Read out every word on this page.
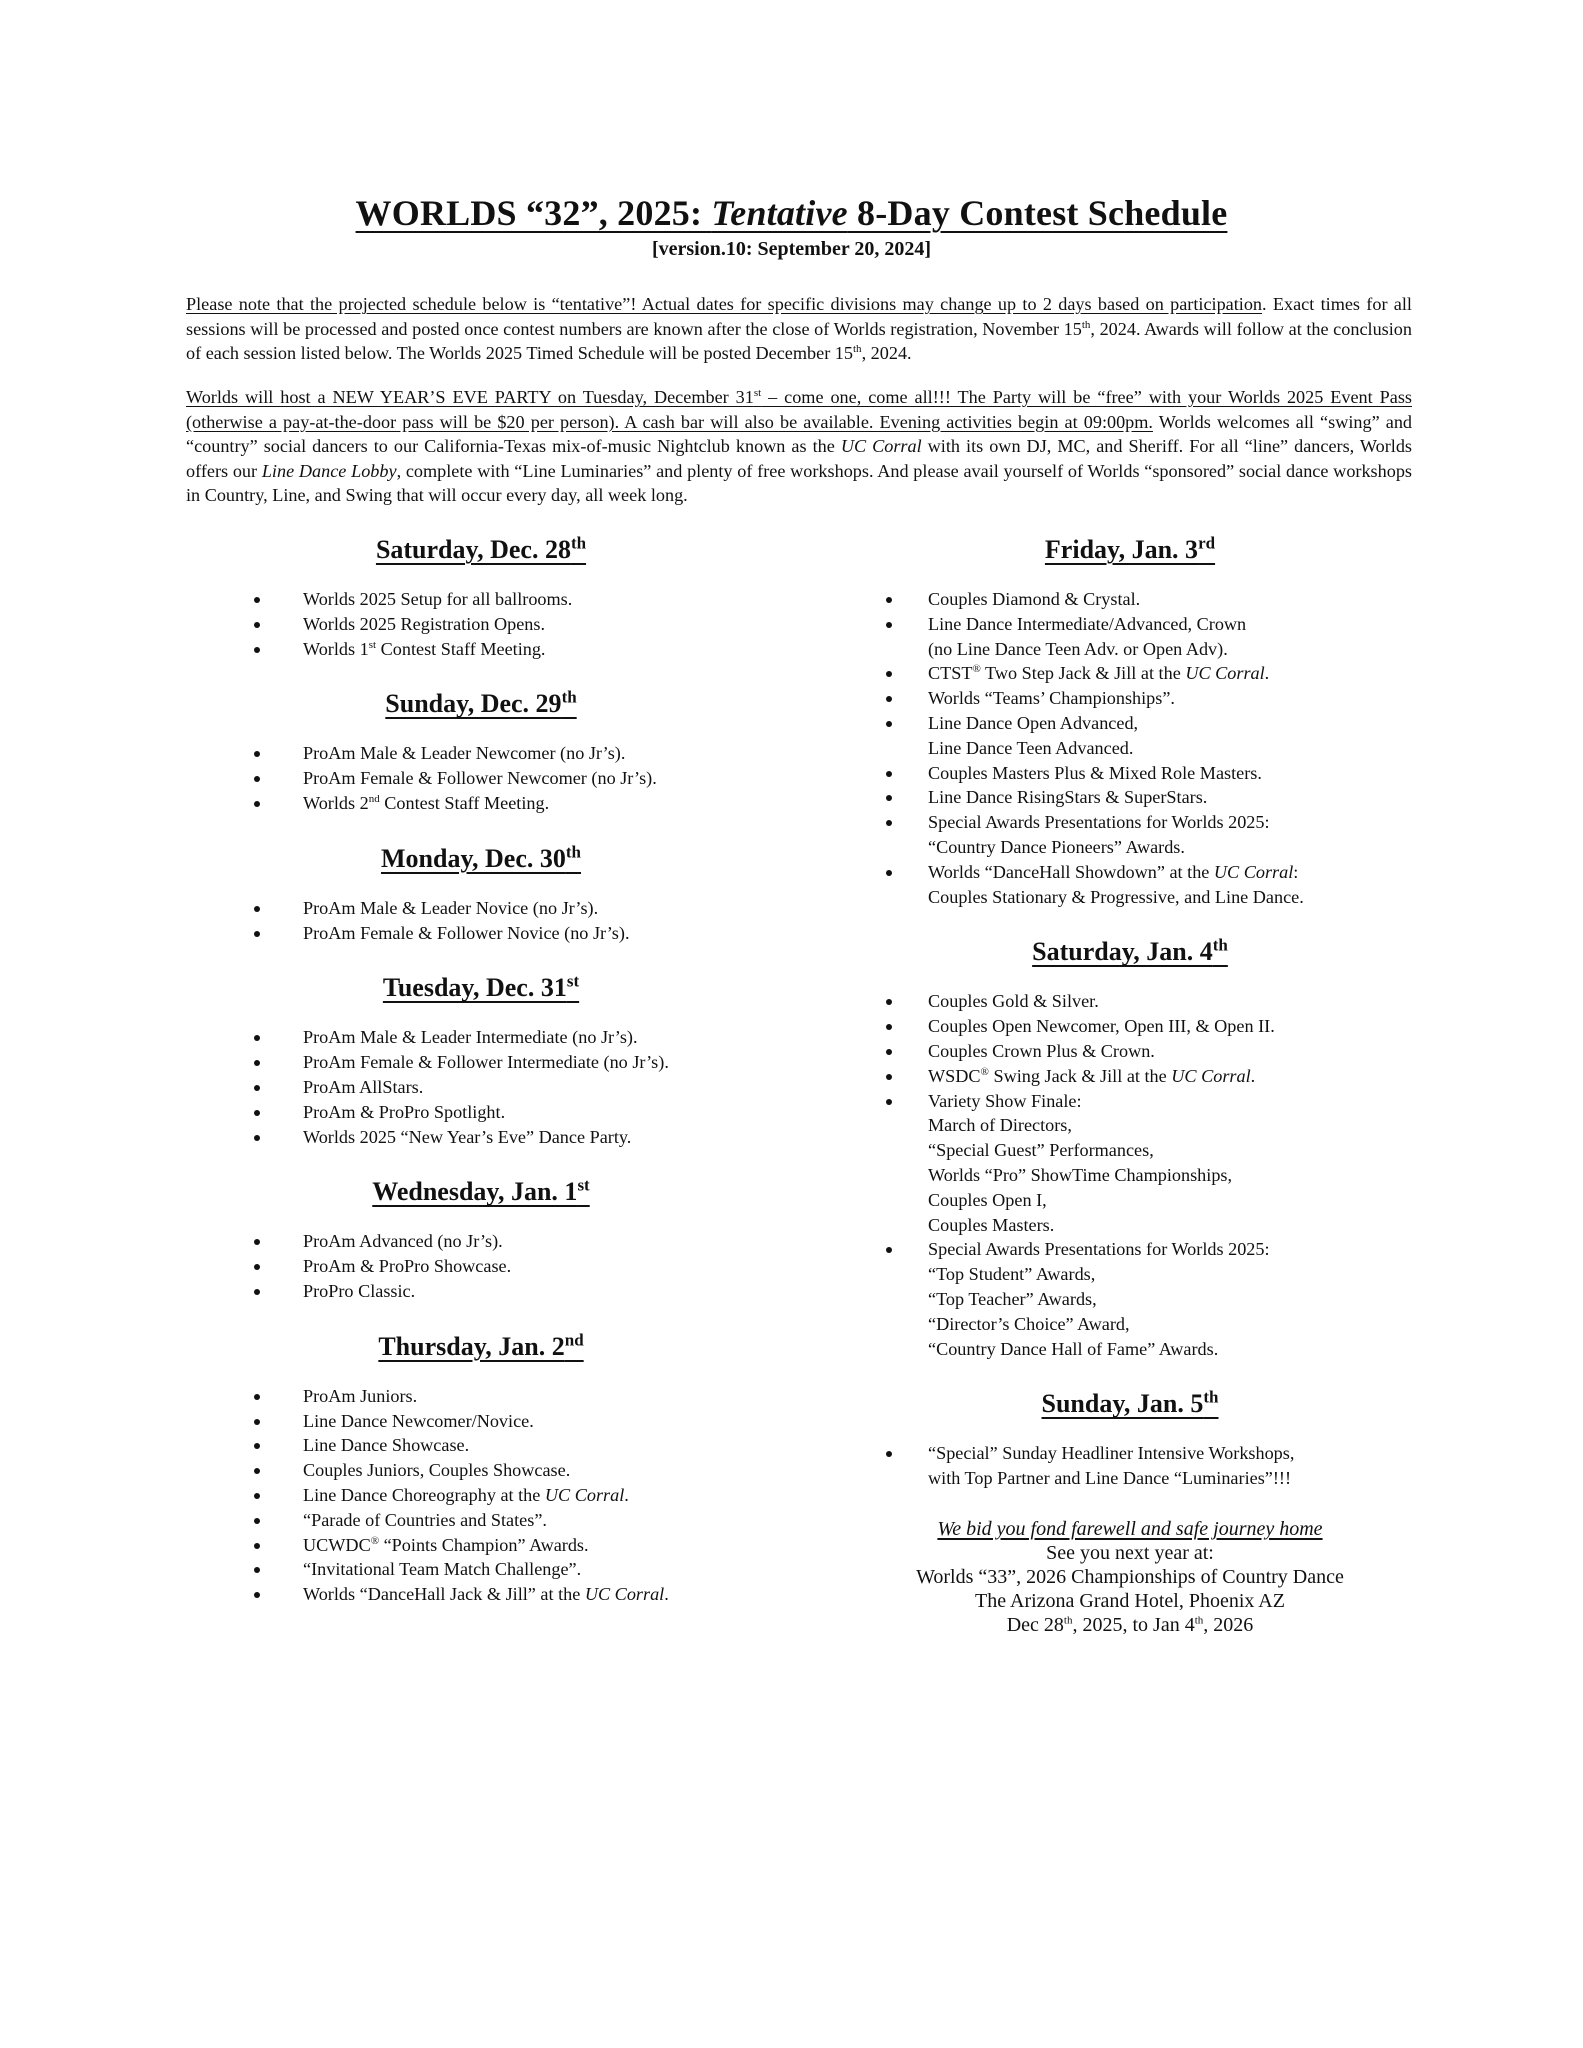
WORLDS “32”, 2025: Tentative 8-Day Contest Schedule
[version.10: September 20, 2024]

Please note that the projected schedule below is “tentative”! Actual dates for specific divisions may change up to 2 days based on participation. Exact times for all sessions will be processed and posted once contest numbers are known after the close of Worlds registration, November 15th, 2024. Awards will follow at the conclusion of each session listed below. The Worlds 2025 Timed Schedule will be posted December 15th, 2024.

Worlds will host a NEW YEAR’S EVE PARTY on Tuesday, December 31st – come one, come all!!! The Party will be “free” with your Worlds 2025 Event Pass (otherwise a pay-at-the-door pass will be $20 per person). A cash bar will also be available. Evening activities begin at 09:00pm. Worlds welcomes all “swing” and “country” social dancers to our California-Texas mix-of-music Nightclub known as the UC Corral with its own DJ, MC, and Sheriff. For all “line” dancers, Worlds offers our Line Dance Lobby, complete with “Line Luminaries” and plenty of free workshops. And please avail yourself of Worlds “sponsored” social dance workshops in Country, Line, and Swing that will occur every day, all week long.

Saturday, Dec. 28th
Worlds 2025 Setup for all ballrooms.
Worlds 2025 Registration Opens.
Worlds 1st Contest Staff Meeting.
Sunday, Dec. 29th
ProAm Male & Leader Newcomer (no Jr’s).
ProAm Female & Follower Newcomer (no Jr’s).
Worlds 2nd Contest Staff Meeting.
Monday, Dec. 30th
ProAm Male & Leader Novice (no Jr’s).
ProAm Female & Follower Novice (no Jr’s).
Tuesday, Dec. 31st
ProAm Male & Leader Intermediate (no Jr’s).
ProAm Female & Follower Intermediate (no Jr’s).
ProAm AllStars.
ProAm & ProPro Spotlight.
Worlds 2025 “New Year’s Eve” Dance Party.
Wednesday, Jan. 1st
ProAm Advanced (no Jr’s).
ProAm & ProPro Showcase.
ProPro Classic.
Thursday, Jan. 2nd
ProAm Juniors.
Line Dance Newcomer/Novice.
Line Dance Showcase.
Couples Juniors, Couples Showcase.
Line Dance Choreography at the UC Corral.
“Parade of Countries and States”.
UCWDC® “Points Champion” Awards.
“Invitational Team Match Challenge”.
Worlds “DanceHall Jack & Jill” at the UC Corral.
Friday, Jan. 3rd
Couples Diamond & Crystal.
Line Dance Intermediate/Advanced, Crown
(no Line Dance Teen Adv. or Open Adv).
CTST® Two Step Jack & Jill at the UC Corral.
Worlds “Teams’ Championships”.
Line Dance Open Advanced,
Line Dance Teen Advanced.
Couples Masters Plus & Mixed Role Masters.
Line Dance RisingStars & SuperStars.
Special Awards Presentations for Worlds 2025:
“Country Dance Pioneers” Awards.
Worlds “DanceHall Showdown” at the UC Corral:
Couples Stationary & Progressive, and Line Dance.
Saturday, Jan. 4th
Couples Gold & Silver.
Couples Open Newcomer, Open III, & Open II.
Couples Crown Plus & Crown.
WSDC® Swing Jack & Jill at the UC Corral.
Variety Show Finale:
March of Directors,
“Special Guest” Performances,
Worlds “Pro” ShowTime Championships,
Couples Open I,
Couples Masters.
Special Awards Presentations for Worlds 2025:
“Top Student” Awards,
“Top Teacher” Awards,
“Director’s Choice” Award,
“Country Dance Hall of Fame” Awards.
Sunday, Jan. 5th
“Special” Sunday Headliner Intensive Workshops,
with Top Partner and Line Dance “Luminaries”!!!
We bid you fond farewell and safe journey home
See you next year at:
Worlds “33”, 2026 Championships of Country Dance
The Arizona Grand Hotel, Phoenix AZ
Dec 28th, 2025, to Jan 4th, 2026
